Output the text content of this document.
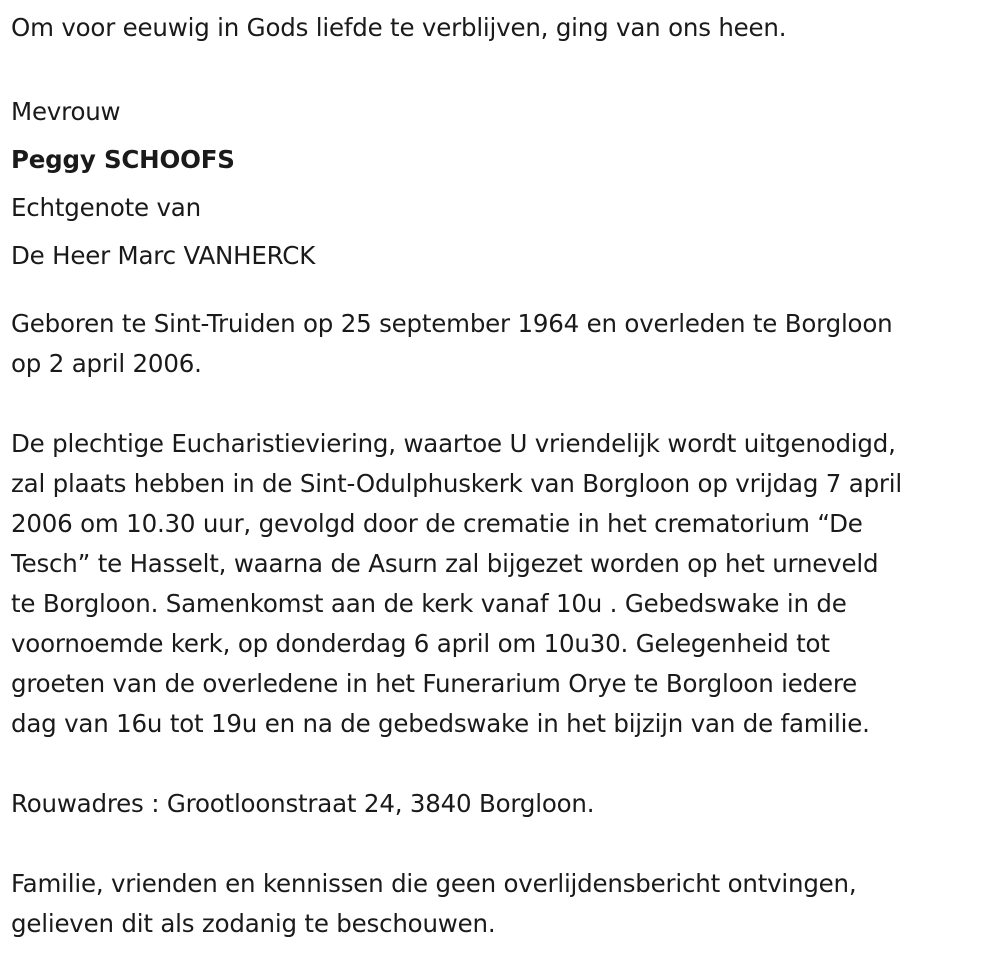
Om voor eeuwig in Gods liefde te verblijven, ging van ons heen.
Mevrouw
Peggy SCHOOFS
Echtgenote van
De Heer Marc VANHERCK

Geboren te Sint-Truiden op 25 september 1964 en overleden te Borgloon
op 2 april 2006.

De plechtige Eucharistieviering, waartoe U vriendelijk wordt uitgenodigd,
zal plaats hebben in de Sint-Odulphuskerk van Borgloon op vrijdag 7 april
2006 om 10.30 uur, gevolgd door de crematie in het crematorium “De
Tesch” te Hasselt, waarna de Asurn zal bijgezet worden op het urneveld
te Borgloon. Samenkomst aan de kerk vanaf 10u . Gebedswake in de
voornoemde kerk, op donderdag 6 april om 10u30. Gelegenheid tot
groeten van de overledene in het Funerarium Orye te Borgloon iedere
dag van 16u tot 19u en na de gebedswake in het bijzijn van de familie.

Rouwadres : Grootloonstraat 24, 3840 Borgloon.

Familie, vrienden en kennissen die geen overlijdensbericht ontvingen,
gelieven dit als zodanig te beschouwen.
